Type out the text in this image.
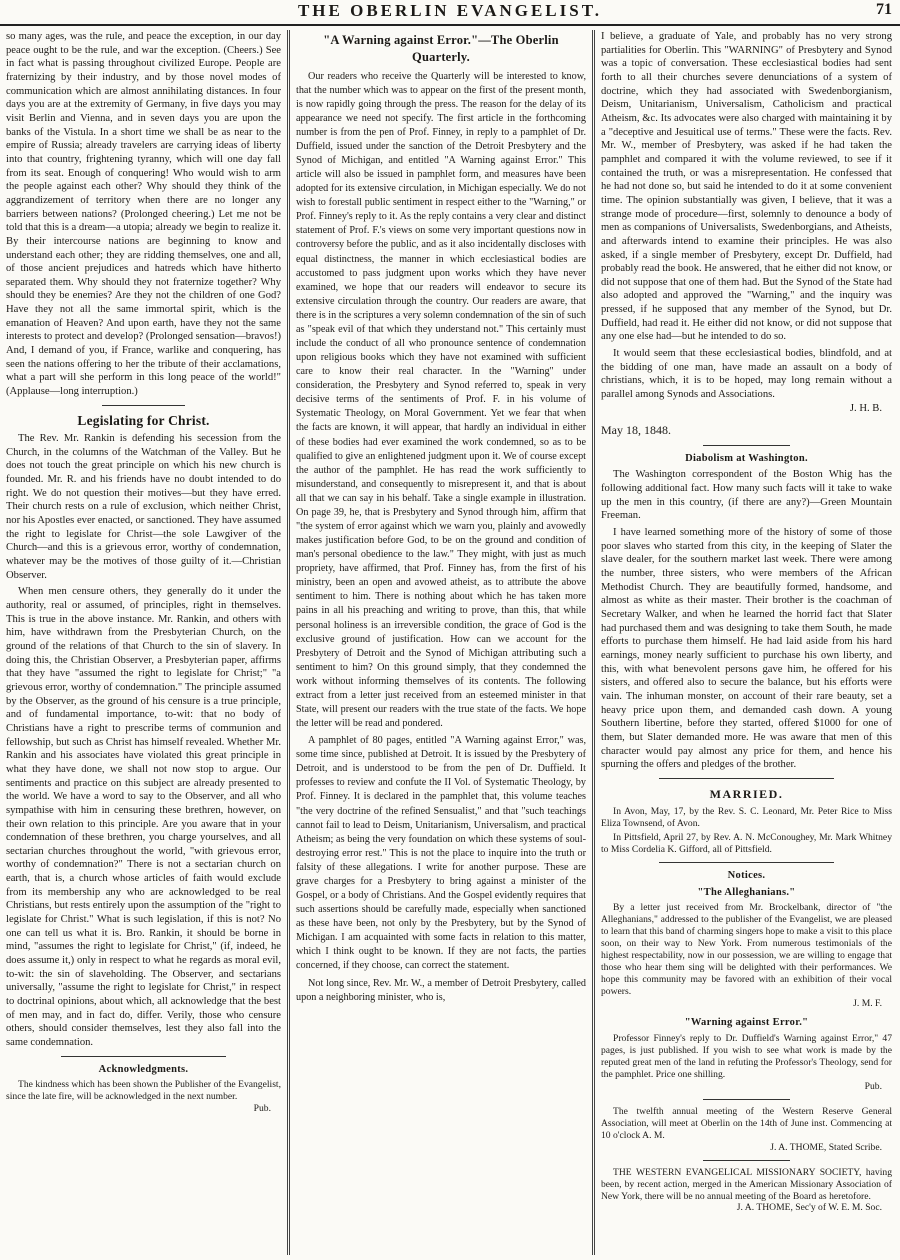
THE OBERLIN EVANGELIST.	71

so many ages, was the rule, and peace the exception, in our day peace ought to be the rule, and war the exception. (Cheers.) See in fact what is passing throughout civilized Europe. People are fraternizing by their industry, and by those novel modes of communication which are almost annihilating distances. In four days you are at the extremity of Germany, in five days you may visit Berlin and Vienna, and in seven days you are upon the banks of the Vistula. In a short time we shall be as near to the empire of Russia; already travelers are carrying ideas of liberty into that country, frightening tyranny, which will one day fall from its seat. Enough of conquering! Who would wish to arm the people against each other? Why should they think of the aggrandizement of territory when there are no longer any barriers between nations? (Prolonged cheering.) Let me not be told that this is a dream—a utopia; already we begin to realize it. By their intercourse nations are beginning to know and understand each other; they are ridding themselves, one and all, of those ancient prejudices and hatreds which have hitherto separated them. Why should they not fraternize together? Why should they be enemies? Are they not the children of one God? Have they not all the same immortal spirit, which is the emanation of Heaven? And upon earth, have they not the same interests to protect and develop? (Prolonged sensation—bravos!) And, I demand of you, if France, warlike and conquering, has seen the nations offering to her the tribute of their acclamations, what a part will she perform in this long peace of the world!" (Applause—long interruption.)

Legislating for Christ.

The Rev. Mr. Rankin is defending his secession from the Church, in the columns of the Watchman of the Valley. But he does not touch the great principle on which his new church is founded. Mr. R. and his friends have no doubt intended to do right. We do not question their motives—but they have erred. Their church rests on a rule of exclusion, which neither Christ, nor his Apostles ever enacted, or sanctioned. They have assumed the right to legislate for Christ—the sole Lawgiver of the Church—and this is a grievous error, worthy of condemnation, whatever may be the motives of those guilty of it.—Christian Observer.

When men censure others, they generally do it under the authority, real or assumed, of principles, right in themselves. This is true in the above instance. Mr. Rankin, and others with him, have withdrawn from the Presbyterian Church, on the ground of the relations of that Church to the sin of slavery. In doing this, the Christian Observer, a Presbyterian paper, affirms that they have "assumed the right to legislate for Christ;" "a grievous error, worthy of condemnation." The principle assumed by the Observer, as the ground of his censure is a true principle, and of fundamental importance, to-wit: that no body of Christians have a right to prescribe terms of communion and fellowship, but such as Christ has himself revealed. Whether Mr. Rankin and his associates have violated this great principle in what they have done, we shall not now stop to argue. Our sentiments and practice on this subject are already presented to the world. We have a word to say to the Observer, and all who sympathise with him in censuring these brethren, however, on their own relation to this principle. Are you aware that in your condemnation of these brethren, you charge yourselves, and all sectarian churches throughout the world, "with grievous error, worthy of condemnation?" There is not a sectarian church on earth, that is, a church whose articles of faith would exclude from its membership any who are acknowledged to be real Christians, but rests entirely upon the assumption of the "right to legislate for Christ." What is such legislation, if this is not? No one can tell us what it is. Bro. Rankin, it should be borne in mind, "assumes the right to legislate for Christ," (if, indeed, he does assume it,) only in respect to what he regards as moral evil, to-wit: the sin of slaveholding. The Observer, and sectarians universally, "assume the right to legislate for Christ," in respect to doctrinal opinions, about which, all acknowledge that the best of men may, and in fact do, differ. Verily, those who censure others, should consider themselves, lest they also fall into the same condemnation.

Acknowledgments.

The kindness which has been shown the Publisher of the Evangelist, since the late fire, will be acknowledged in the next number.

Pub.

"A Warning against Error."—The Oberlin Quarterly.

Our readers who receive the Quarterly will be interested to know, that the number which was to appear on the first of the present month, is now rapidly going through the press. The reason for the delay of its appearance we need not specify. The first article in the forthcoming number is from the pen of Prof. Finney, in reply to a pamphlet of Dr. Duffield, issued under the sanction of the Detroit Presbytery and the Synod of Michigan, and entitled "A Warning against Error." This article will also be issued in pamphlet form, and measures have been adopted for its extensive circulation, in Michigan especially. We do not wish to forestall public sentiment in respect either to the "Warning," or Prof. Finney's reply to it. As the reply contains a very clear and distinct statement of Prof. F.'s views on some very important questions now in controversy before the public, and as it also incidentally discloses with equal distinctness, the manner in which ecclesiastical bodies are accustomed to pass judgment upon works which they have never examined, we hope that our readers will endeavor to secure its extensive circulation through the country. Our readers are aware, that there is in the scriptures a very solemn condemnation of the sin of such as "speak evil of that which they understand not." This certainly must include the conduct of all who pronounce sentence of condemnation upon religious books which they have not examined with sufficient care to know their real character. In the "Warning" under consideration, the Presbytery and Synod referred to, speak in very decisive terms of the sentiments of Prof. F. in his volume of Systematic Theology, on Moral Government. Yet we fear that when the facts are known, it will appear, that hardly an individual in either of these bodies had ever examined the work condemned, so as to be qualified to give an enlightened judgment upon it. We of course except the author of the pamphlet. He has read the work sufficiently to misunderstand, and consequently to misrepresent it, and that is about all that we can say in his behalf. Take a single example in illustration. On page 39, he, that is Presbytery and Synod through him, affirm that "the system of error against which we warn you, plainly and avowedly makes justification before God, to be on the ground and condition of man's personal obedience to the law." They might, with just as much propriety, have affirmed, that Prof. Finney has, from the first of his ministry, been an open and avowed atheist, as to attribute the above sentiment to him. There is nothing about which he has taken more pains in all his preaching and writing to prove, than this, that while personal holiness is an irreversible condition, the grace of God is the exclusive ground of justification. How can we account for the Presbytery of Detroit and the Synod of Michigan attributing such a sentiment to him? On this ground simply, that they condemned the work without informing themselves of its contents. The following extract from a letter just received from an esteemed minister in that State, will present our readers with the true state of the facts. We hope the letter will be read and pondered.

A pamphlet of 80 pages, entitled "A Warning against Error," was, some time since, published at Detroit. It is issued by the Presbytery of Detroit, and is understood to be from the pen of Dr. Duffield. It professes to review and confute the II Vol. of Systematic Theology, by Prof. Finney. It is declared in the pamphlet that, this volume teaches "the very doctrine of the refined Sensualist," and that "such teachings cannot fail to lead to Deism, Unitarianism, Universalism, and practical Atheism; as being the very foundation on which these systems of soul-destroying error rest." This is not the place to inquire into the truth or falsity of these allegations. I write for another purpose. These are grave charges for a Presbytery to bring against a minister of the Gospel, or a body of Christians. And the Gospel evidently requires that such assertions should be carefully made, especially when sanctioned as these have been, not only by the Presbytery, but by the Synod of Michigan. I am acquainted with some facts in relation to this matter, which I think ought to be known. If they are not facts, the parties concerned, if they choose, can correct the statement.

Not long since, Rev. Mr. W., a member of Detroit Presbytery, called upon a neighboring minister, who is,

I believe, a graduate of Yale, and probably has no very strong partialities for Oberlin. This "WARNING" of Presbytery and Synod was a topic of conversation. These ecclesiastical bodies had sent forth to all their churches severe denunciations of a system of doctrine, which they had associated with Swedenborgianism, Deism, Unitarianism, Universalism, Catholicism and practical Atheism, &c. Its advocates were also charged with maintaining it by a "deceptive and Jesuitical use of terms." These were the facts. Rev. Mr. W., member of Presbytery, was asked if he had taken the pamphlet and compared it with the volume reviewed, to see if it contained the truth, or was a misrepresentation. He confessed that he had not done so, but said he intended to do it at some convenient time. The opinion substantially was given, I believe, that it was a strange mode of procedure—first, solemnly to denounce a body of men as companions of Universalists, Swedenborgians, and Atheists, and afterwards intend to examine their principles. He was also asked, if a single member of Presbytery, except Dr. Duffield, had probably read the book. He answered, that he either did not know, or did not suppose that one of them had. But the Synod of the State had also adopted and approved the "Warning," and the inquiry was pressed, if he supposed that any member of the Synod, but Dr. Duffield, had read it. He either did not know, or did not suppose that any one else had—but he intended to do so.

It would seem that these ecclesiastical bodies, blindfold, and at the bidding of one man, have made an assault on a body of christians, which, it is to be hoped, may long remain without a parallel among Synods and Associations.

J. H. B.

May 18, 1848.

Diabolism at Washington.

The Washington correspondent of the Boston Whig has the following additional fact. How many such facts will it take to wake up the men in this country, (if there are any?)—Green Mountain Freeman.

I have learned something more of the history of some of those poor slaves who started from this city, in the keeping of Slater the slave dealer, for the southern market last week. There were among the number, three sisters, who were members of the African Methodist Church. They are beautifully formed, handsome, and almost as white as their master. Their brother is the coachman of Secretary Walker, and when he learned the horrid fact that Slater had purchased them and was designing to take them South, he made efforts to purchase them himself. He had laid aside from his hard earnings, money nearly sufficient to purchase his own liberty, and this, with what benevolent persons gave him, he offered for his sisters, and offered also to secure the balance, but his efforts were vain. The inhuman monster, on account of their rare beauty, set a heavy price upon them, and demanded cash down. A young Southern libertine, before they started, offered $1000 for one of them, but Slater demanded more. He was aware that men of this character would pay almost any price for them, and hence his spurning the offers and pledges of the brother.

MARRIED.

In Avon, May, 17, by the Rev. S. C. Leonard, Mr. Peter Rice to Miss Eliza Townsend, of Avon.

In Pittsfield, April 27, by Rev. A. N. McConoughey, Mr. Mark Whitney to Miss Cordelia K. Gifford, all of Pittsfield.

Notices.
"The Alleghanians."

By a letter just received from Mr. Brockelbank, director of "the Alleghanians," addressed to the publisher of the Evangelist, we are pleased to learn that this band of charming singers hope to make a visit to this place soon, on their way to New York. From numerous testimonials of the highest respectability, now in our possession, we are willing to engage that those who hear them sing will be delighted with their performances. We hope this community may be favored with an exhibition of their vocal powers.

J. M. F.

"Warning against Error."

Professor Finney's reply to Dr. Duffield's Warning against Error," 47 pages, is just published. If you wish to see what work is made by the reputed great men of the land in refuting the Professor's Theology, send for the pamphlet. Price one shilling.

Pub.

The twelfth annual meeting of the Western Reserve General Association, will meet at Oberlin on the 14th of June inst. Commencing at 10 o'clock A. M.

J. A. THOME, Stated Scribe.

THE WESTERN EVANGELICAL MISSIONARY SOCIETY, having been, by recent action, merged in the American Missionary Association of New York, there will be no annual meeting of the Board as heretofore.

J. A. THOME, Sec'y of W. E. M. Soc.
